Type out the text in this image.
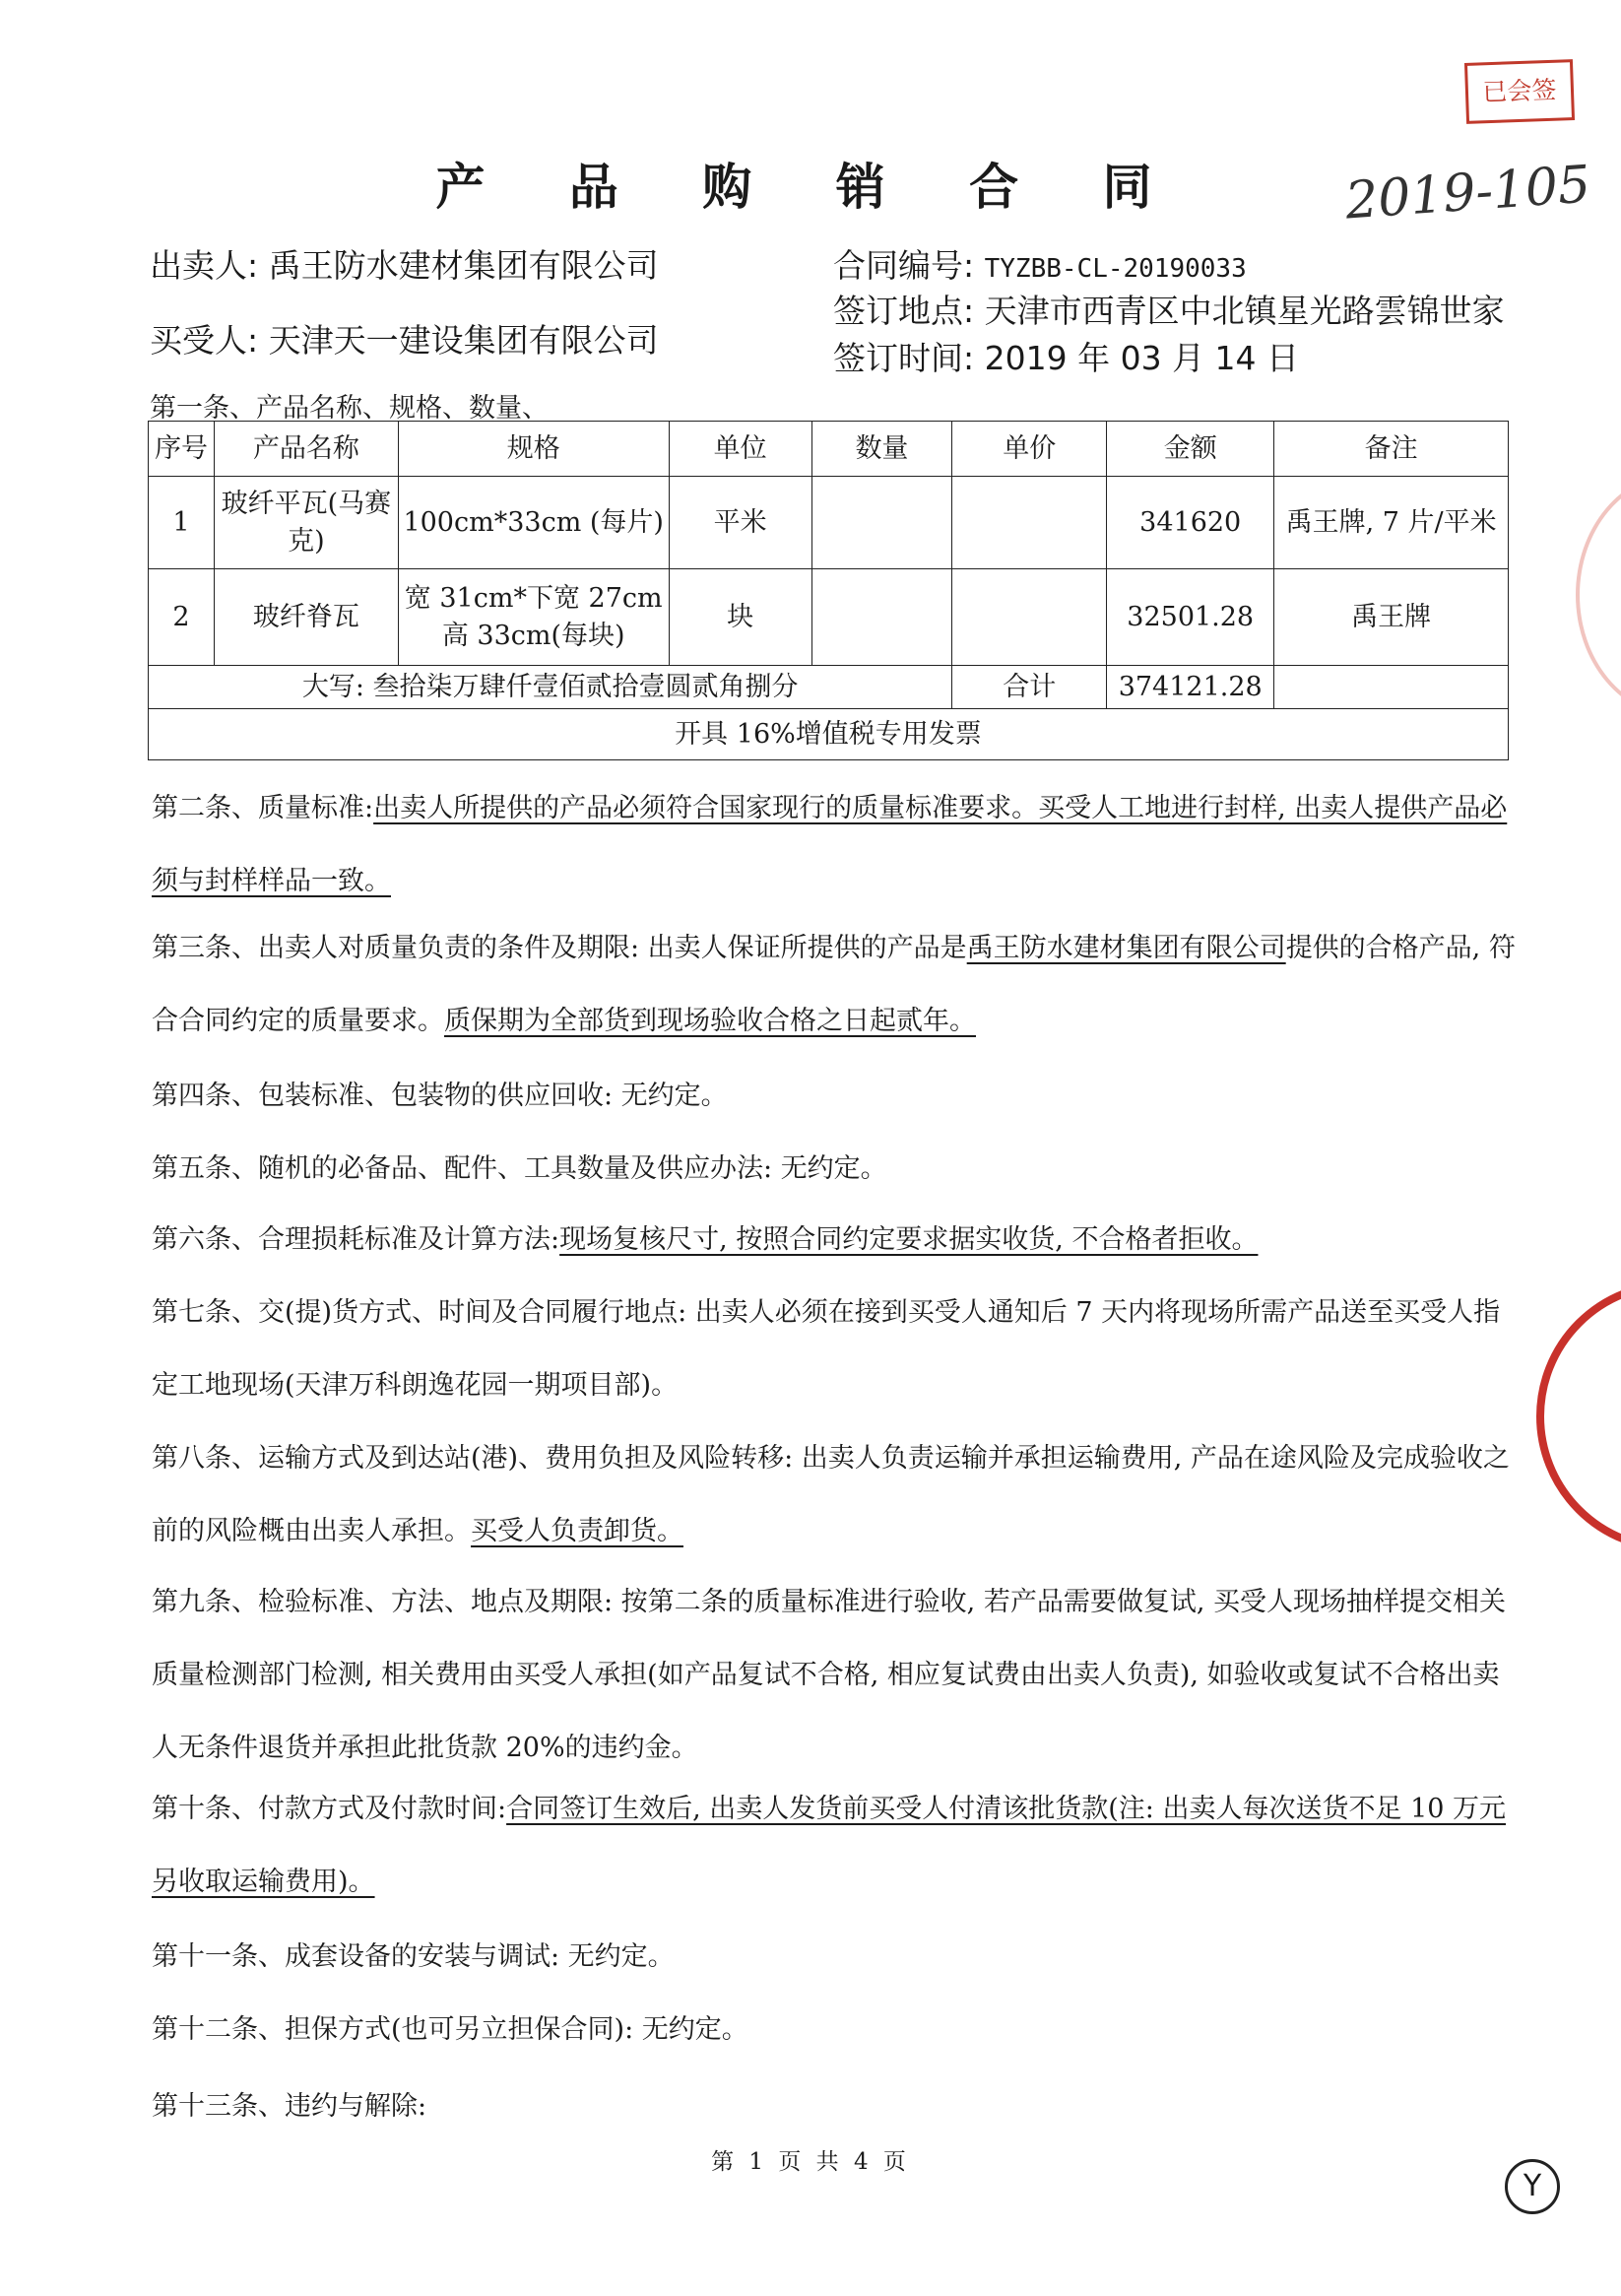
已会签
2019-105
产 品 购 销 合 同
出卖人: 禹王防水建材集团有限公司
买受人: 天津天一建设集团有限公司
合同编号: TYZBB-CL-20190033
签订地点: 天津市西青区中北镇星光路雲锦世家
签订时间: 2019 年 03 月 14 日
第一条、产品名称、规格、数量、
序号	产品名称	规格	单位	数量	单价	金额	备注
1	玻纤平瓦(马赛克)	100cm*33cm (每片)	平米			341620	禹王牌, 7 片/平米
2	玻纤脊瓦	宽 31cm*下宽 27cm 高 33cm(每块)	块			32501.28	禹王牌
大写: 叁拾柒万肆仟壹佰贰拾壹圆贰角捌分					合计	374121.28	
开具 16%增值税专用发票							
第二条、质量标准:出卖人所提供的产品必须符合国家现行的质量标准要求。买受人工地进行封样, 出卖人提供产品必须与封样样品一致。
第三条、出卖人对质量负责的条件及期限: 出卖人保证所提供的产品是禹王防水建材集团有限公司提供的合格产品, 符合合同约定的质量要求。质保期为全部货到现场验收合格之日起贰年。
第四条、包装标准、包装物的供应回收: 无约定。
第五条、随机的必备品、配件、工具数量及供应办法: 无约定。
第六条、合理损耗标准及计算方法:现场复核尺寸, 按照合同约定要求据实收货, 不合格者拒收。
第七条、交(提)货方式、时间及合同履行地点: 出卖人必须在接到买受人通知后 7 天内将现场所需产品送至买受人指定工地现场(天津万科朗逸花园一期项目部)。
第八条、运输方式及到达站(港)、费用负担及风险转移: 出卖人负责运输并承担运输费用, 产品在途风险及完成验收之前的风险概由出卖人承担。买受人负责卸货。
第九条、检验标准、方法、地点及期限: 按第二条的质量标准进行验收, 若产品需要做复试, 买受人现场抽样提交相关质量检测部门检测, 相关费用由买受人承担(如产品复试不合格, 相应复试费由出卖人负责), 如验收或复试不合格出卖人无条件退货并承担此批货款 20%的违约金。
第十条、付款方式及付款时间:合同签订生效后, 出卖人发货前买受人付清该批货款(注: 出卖人每次送货不足 10 万元另收取运输费用)。
第十一条、成套设备的安装与调试: 无约定。
第十二条、担保方式(也可另立担保合同): 无约定。
第十三条、违约与解除:
第 1 页 共 4 页
Y
